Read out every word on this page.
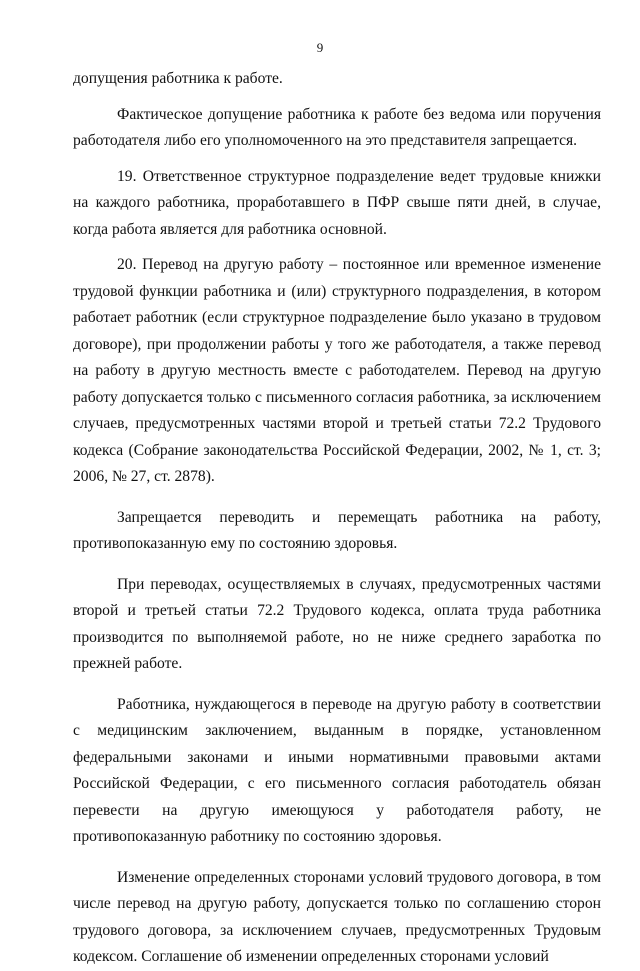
9

допущения работника к работе.

Фактическое допущение работника к работе без ведома или поручения работодателя либо его уполномоченного на это представителя запрещается.

19. Ответственное структурное подразделение ведет трудовые книжки на каждого работника, проработавшего в ПФР свыше пяти дней, в случае, когда работа является для работника основной.

20. Перевод на другую работу – постоянное или временное изменение трудовой функции работника и (или) структурного подразделения, в котором работает работник (если структурное подразделение было указано в трудовом договоре), при продолжении работы у того же работодателя, а также перевод на работу в другую местность вместе с работодателем. Перевод на другую работу допускается только с письменного согласия работника, за исключением случаев, предусмотренных частями второй и третьей статьи 72.2 Трудового кодекса (Собрание законодательства Российской Федерации, 2002, № 1, ст. 3; 2006, № 27, ст. 2878).

Запрещается переводить и перемещать работника на работу, противопоказанную ему по состоянию здоровья.

При переводах, осуществляемых в случаях, предусмотренных частями второй и третьей статьи 72.2 Трудового кодекса, оплата труда работника производится по выполняемой работе, но не ниже среднего заработка по прежней работе.

Работника, нуждающегося в переводе на другую работу в соответствии с медицинским заключением, выданным в порядке, установленном федеральными законами и иными нормативными правовыми актами Российской Федерации, с его письменного согласия работодатель обязан перевести на другую имеющуюся у работодателя работу, не противопоказанную работнику по состоянию здоровья.

Изменение определенных сторонами условий трудового договора, в том числе перевод на другую работу, допускается только по соглашению сторон трудового договора, за исключением случаев, предусмотренных Трудовым кодексом. Соглашение об изменении определенных сторонами условий
